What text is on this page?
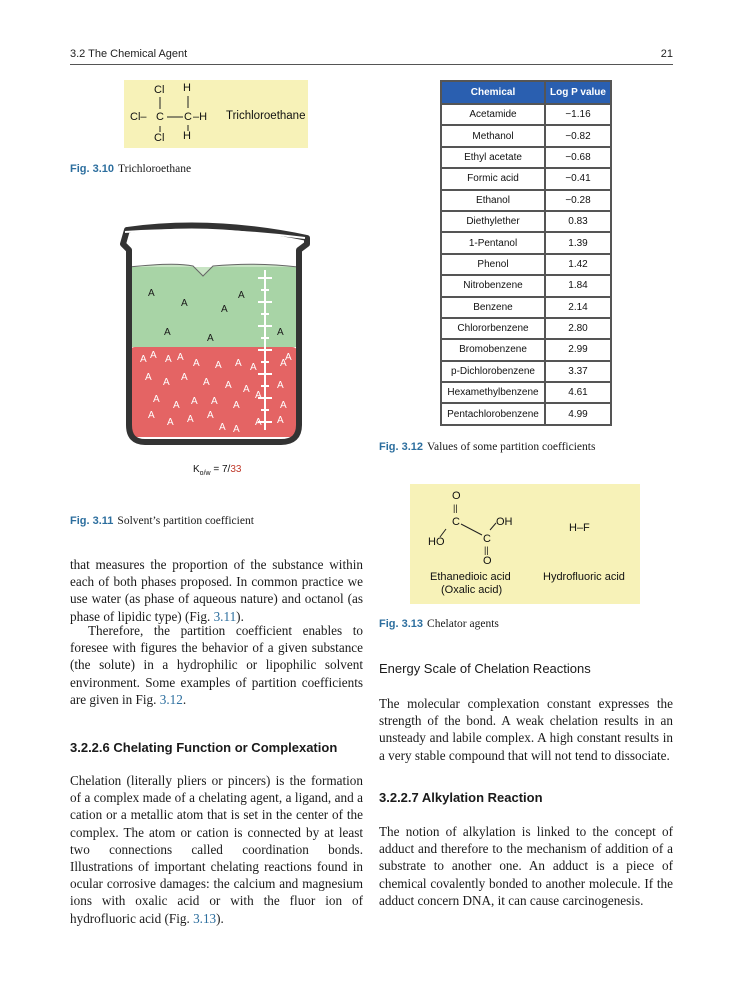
3.2 The Chemical Agent	21
Cl H
Cl– C C –H
Cl H
Trichloroethane
Fig. 3.10 Trichloroethane
A
A
A
A
A
A
A
A A A A
A A A A A
A
A A A A A A	A
A
A A A A
A
A
A
A A A
A A
A A
$K_{o/w} = 7/33$
Fig. 3.11 Solvent’s partition coefficient
that measures the proportion of the substance within each of both phases proposed. In common practice we use water (as phase of aqueous nature) and octanol (as phase of lipidic type) (Fig. 3.11).
Therefore, the partition coefficient enables to foresee with figures the behavior of a given substance (the solute) in a hydrophilic or lipophilic solvent environment. Some examples of partition coefficients are given in Fig. 3.12.
3.2.2.6 Chelating Function or Complexation
Chelation (literally pliers or pincers) is the formation of a complex made of a chelating agent, a ligand, and a cation or a metallic atom that is set in the center of the complex. The atom or cation is connected by at least two connections called coordination bonds. Illustrations of important chelating reactions found in ocular corrosive damages: the calcium and magnesium ions with oxalic acid or with the fluor ion of hydrofluoric acid (Fig. 3.13).
Chemical	Log P value
Acetamide	−1.16
Methanol	−0.82
Ethyl acetate	−0.68
Formic acid	−0.41
Ethanol	−0.28
Diethylether	0.83
1-Pentanol	1.39
Phenol	1.42
Nitrobenzene	1.84
Benzene	2.14
Chlororbenzene	2.80
Bromobenzene	2.99
p-Dichlorobenzene	3.37
Hexamethylbenzene	4.61
Pentachlorobenzene	4.99
Fig. 3.12 Values of some partition coefficients
O
||
C	OH
HO	C
||
O
Ethanedioic acid
(Oxalic acid)
H–F
Hydrofluoric acid
Fig. 3.13 Chelator agents
Energy Scale of Chelation Reactions
The molecular complexation constant expresses the strength of the bond. A weak chelation results in an unsteady and labile complex. A high constant results in a very stable compound that will not tend to dissociate.
3.2.2.7 Alkylation Reaction
The notion of alkylation is linked to the concept of adduct and therefore to the mechanism of addition of a substrate to another one. An adduct is a piece of chemical covalently bonded to another molecule. If the adduct concern DNA, it can cause carcinogenesis.
